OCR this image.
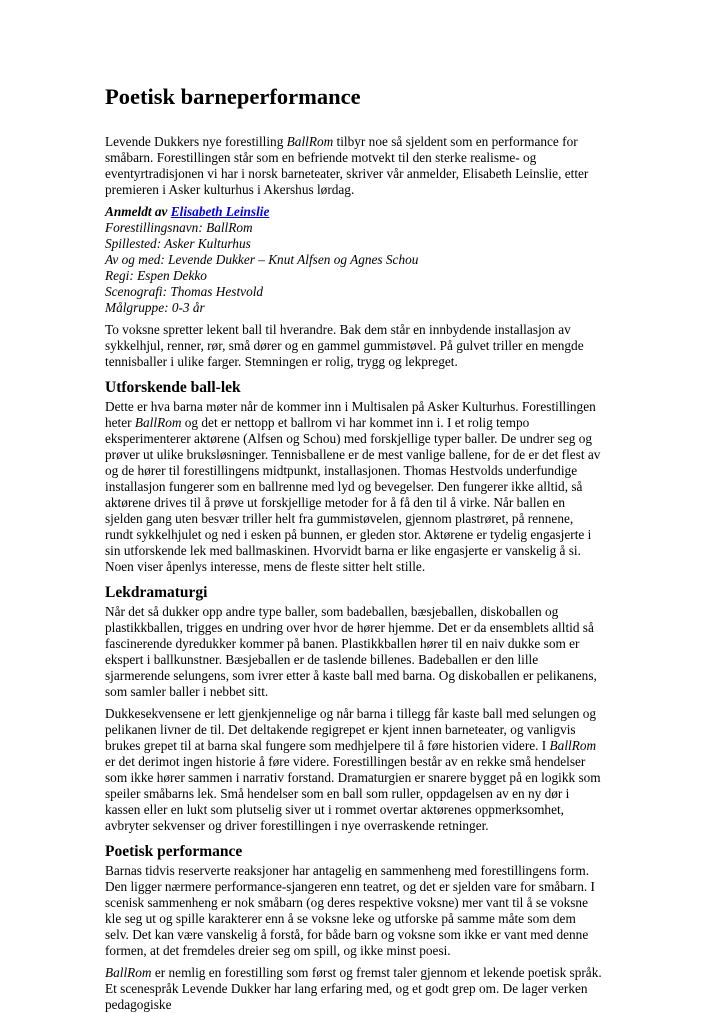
Poetisk barneperformance

Levende Dukkers nye forestilling BallRom tilbyr noe så sjeldent som en performance for småbarn. Forestillingen står som en befriende motvekt til den sterke realisme- og eventyrtradisjonen vi har i norsk barneteater, skriver vår anmelder, Elisabeth Leinslie, etter premieren i Asker kulturhus i Akershus lørdag.

Anmeldt av Elisabeth Leinslie
Forestillingsnavn: BallRom
Spillested: Asker Kulturhus
Av og med: Levende Dukker – Knut Alfsen og Agnes Schou
Regi: Espen Dekko
Scenografi: Thomas Hestvold
Målgruppe: 0-3 år

To voksne spretter lekent ball til hverandre. Bak dem står en innbydende installasjon av sykkelhjul, renner, rør, små dører og en gammel gummistøvel. På gulvet triller en mengde tennisballer i ulike farger. Stemningen er rolig, trygg og lekpreget.

Utforskende ball-lek

Dette er hva barna møter når de kommer inn i Multisalen på Asker Kulturhus. Forestillingen heter BallRom og det er nettopp et ballrom vi har kommet inn i. I et rolig tempo eksperimenterer aktørene (Alfsen og Schou) med forskjellige typer baller. De undrer seg og prøver ut ulike bruksløsninger. Tennisballene er de mest vanlige ballene, for de er det flest av og de hører til forestillingens midtpunkt, installasjonen. Thomas Hestvolds underfundige installasjon fungerer som en ballrenne med lyd og bevegelser. Den fungerer ikke alltid, så aktørene drives til å prøve ut forskjellige metoder for å få den til å virke. Når ballen en sjelden gang uten besvær triller helt fra gummistøvelen, gjennom plastrøret, på rennene, rundt sykkelhjulet og ned i esken på bunnen, er gleden stor. Aktørene er tydelig engasjerte i sin utforskende lek med ballmaskinen. Hvorvidt barna er like engasjerte er vanskelig å si. Noen viser åpenlys interesse, mens de fleste sitter helt stille.

Lekdramaturgi

Når det så dukker opp andre type baller, som badeballen, bæsjeballen, diskoballen og plastikkballen, trigges en undring over hvor de hører hjemme. Det er da ensemblets alltid så fascinerende dyredukker kommer på banen. Plastikkballen hører til en naiv dukke som er ekspert i ballkunstner. Bæsjeballen er de taslende billenes. Badeballen er den lille sjarmerende selungens, som ivrer etter å kaste ball med barna. Og diskoballen er pelikanens, som samler baller i nebbet sitt.

Dukkesekvensene er lett gjenkjennelige og når barna i tillegg får kaste ball med selungen og pelikanen livner de til. Det deltakende regigrepet er kjent innen barneteater, og vanligvis brukes grepet til at barna skal fungere som medhjelpere til å føre historien videre. I BallRom er det derimot ingen historie å føre videre. Forestillingen består av en rekke små hendelser som ikke hører sammen i narrativ forstand. Dramaturgien er snarere bygget på en logikk som speiler småbarns lek. Små hendelser som en ball som ruller, oppdagelsen av en ny dør i kassen eller en lukt som plutselig siver ut i rommet overtar aktørenes oppmerksomhet, avbryter sekvenser og driver forestillingen i nye overraskende retninger.

Poetisk performance

Barnas tidvis reserverte reaksjoner har antagelig en sammenheng med forestillingens form. Den ligger nærmere performance-sjangeren enn teatret, og det er sjelden vare for småbarn. I scenisk sammenheng er nok småbarn (og deres respektive voksne) mer vant til å se voksne kle seg ut og spille karakterer enn å se voksne leke og utforske på samme måte som dem selv. Det kan være vanskelig å forstå, for både barn og voksne som ikke er vant med denne formen, at det fremdeles dreier seg om spill, og ikke minst poesi.

BallRom er nemlig en forestilling som først og fremst taler gjennom et lekende poetisk språk. Et scenespråk Levende Dukker har lang erfaring med, og et godt grep om. De lager verken pedagogiske
